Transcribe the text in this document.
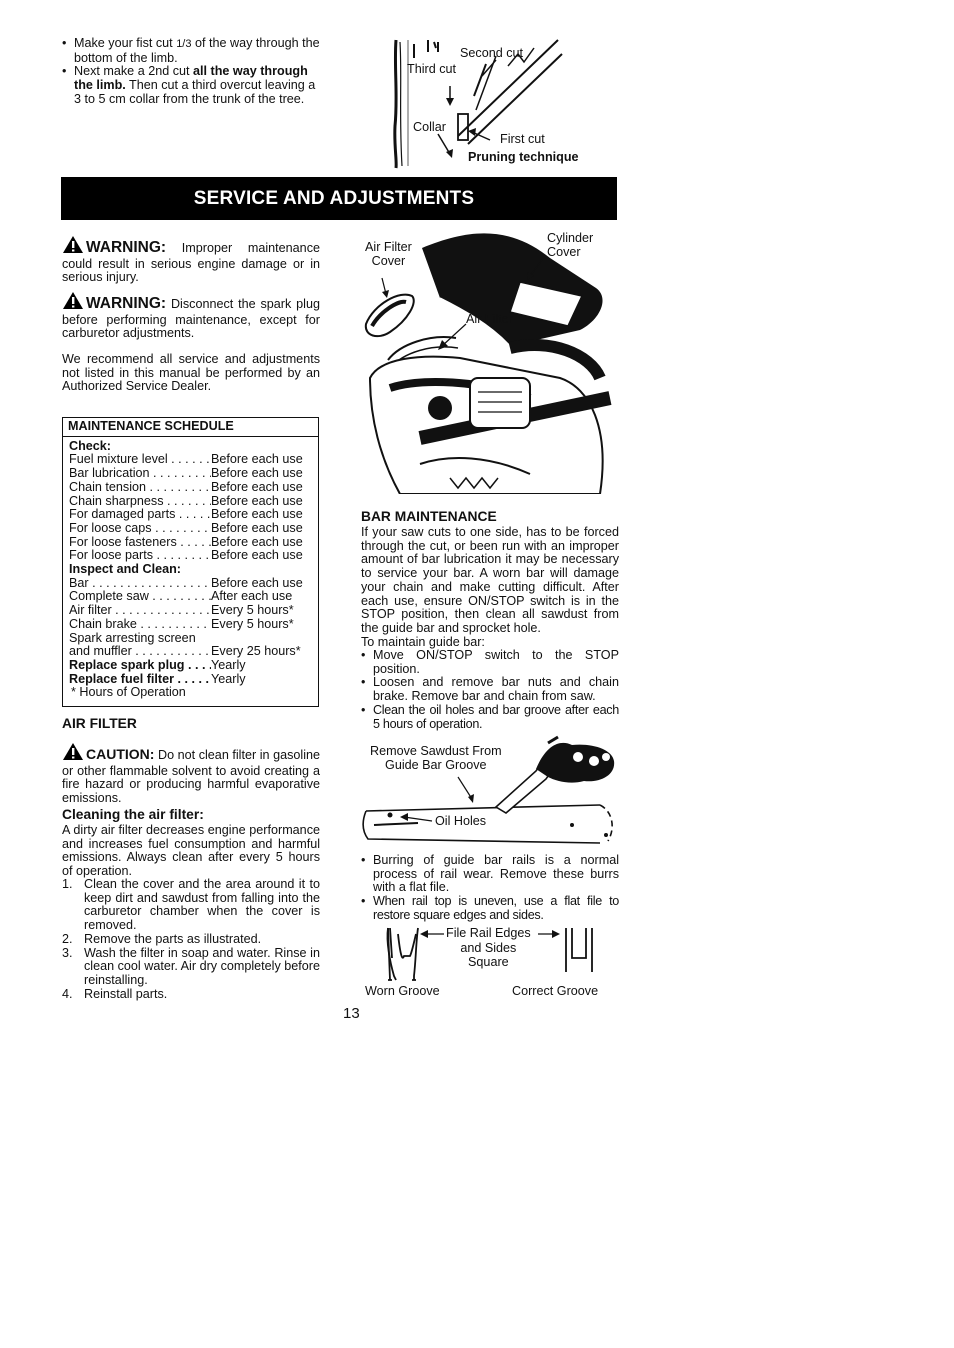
• Make your fist cut 1/3 of the way through the bottom of the limb.
• Next make a 2nd cut all the way through the limb. Then cut a third overcut leaving a 3 to 5 cm collar from the trunk of the tree.
Second cut
Third cut
Collar
First cut
Pruning technique
SERVICE AND ADJUSTMENTS
WARNING: Improper maintenance could result in serious engine damage or in serious injury.
WARNING: Disconnect the spark plug before performing maintenance, except for carburetor adjustments.
We recommend all service and adjustments not listed in this manual be performed by an Authorized Service Dealer.
MAINTENANCE SCHEDULE
Check:
Fuel mixture level . . .	Before each use
Bar lubrication . . .	Before each use
Chain tension . . .	Before each use
Chain sharpness . . .	Before each use
For damaged parts . . .	Before each use
For loose caps . . .	Before each use
For loose fasteners . . .	Before each use
For loose parts . . .	Before each use
Inspect and Clean:
Bar . . .	Before each use
Complete saw . . .	After each use
Air filter . . .	Every 5 hours*
Chain brake . . .	Every 5 hours*
Spark arresting screen
and muffler . . .	Every 25 hours*
Replace spark plug . . .	Yearly
Replace fuel filter . . .	Yearly
* Hours of Operation
AIR FILTER
CAUTION: Do not clean filter in gasoline or other flammable solvent to avoid creating a fire hazard or producing harmful evaporative emissions.
Cleaning the air filter:
A dirty air filter decreases engine performance and increases fuel consumption and harmful emissions. Always clean after every 5 hours of operation.
1. Clean the cover and the area around it to keep dirt and sawdust from falling into the carburetor chamber when the cover is removed.
2. Remove the parts as illustrated.
3. Wash the filter in soap and water. Rinse in clean cool water. Air dry completely before reinstalling.
4. Reinstall parts.
Air Filter
Cover
Cylinder
Cover
Air Filter
BAR MAINTENANCE
If your saw cuts to one side, has to be forced through the cut, or been run with an improper amount of bar lubrication it may be necessary to service your bar. A worn bar will damage your chain and make cutting difficult. After each use, ensure ON/STOP switch is in the STOP position, then clean all sawdust from the guide bar and sprocket hole.
To maintain guide bar:
• Move ON/STOP switch to the STOP position.
• Loosen and remove bar nuts and chain brake. Remove bar and chain from saw.
• Clean the oil holes and bar groove after each 5 hours of operation.
Remove Sawdust From
Guide Bar Groove
Oil Holes
• Burring of guide bar rails is a normal process of rail wear. Remove these burrs with a flat file.
• When rail top is uneven, use a flat file to restore square edges and sides.
File Rail Edges
and Sides
Square
Worn Groove	Correct Groove
13
